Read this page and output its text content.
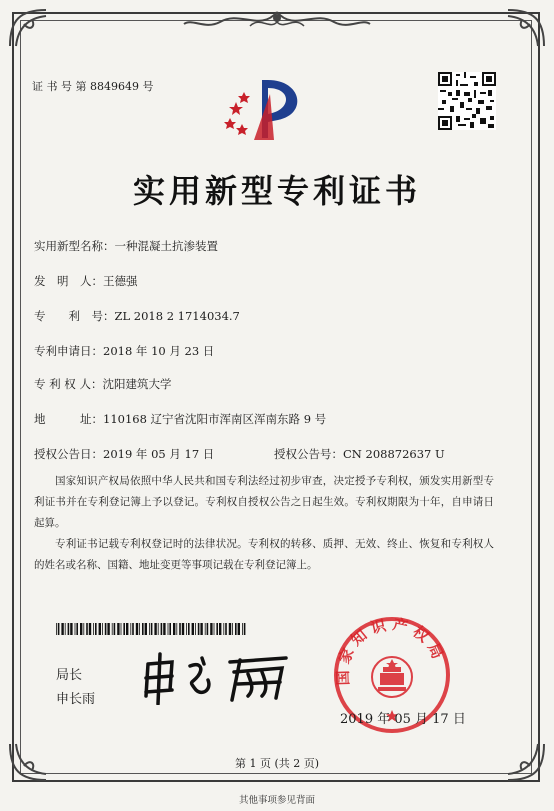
证 书 号 第 8849649 号
实用新型专利证书
实用新型名称：一种混凝土抗渗装置
发　明　人：王德强
专　　利　号：ZL 2018 2 1714034.7
专利申请日：2018 年 10 月 23 日
专 利 权 人：沈阳建筑大学
地　　　址：110168 辽宁省沈阳市浑南区浑南东路 9 号
授权公告日：2019 年 05 月 17 日	授权公告号：CN 208872637 U
国家知识产权局依照中华人民共和国专利法经过初步审查，决定授予专利权，颁发实用新型专利证书并在专利登记簿上予以登记。专利权自授权公告之日起生效。专利权期限为十年，自申请日起算。
专利证书记载专利权登记时的法律状况。专利权的转移、质押、无效、终止、恢复和专利权人的姓名或名称、国籍、地址变更等事项记载在专利登记簿上。
局长
申长雨
国家知识产权局
2019 年 05 月 17 日
第 1 页 (共 2 页)
其他事项参见背面
